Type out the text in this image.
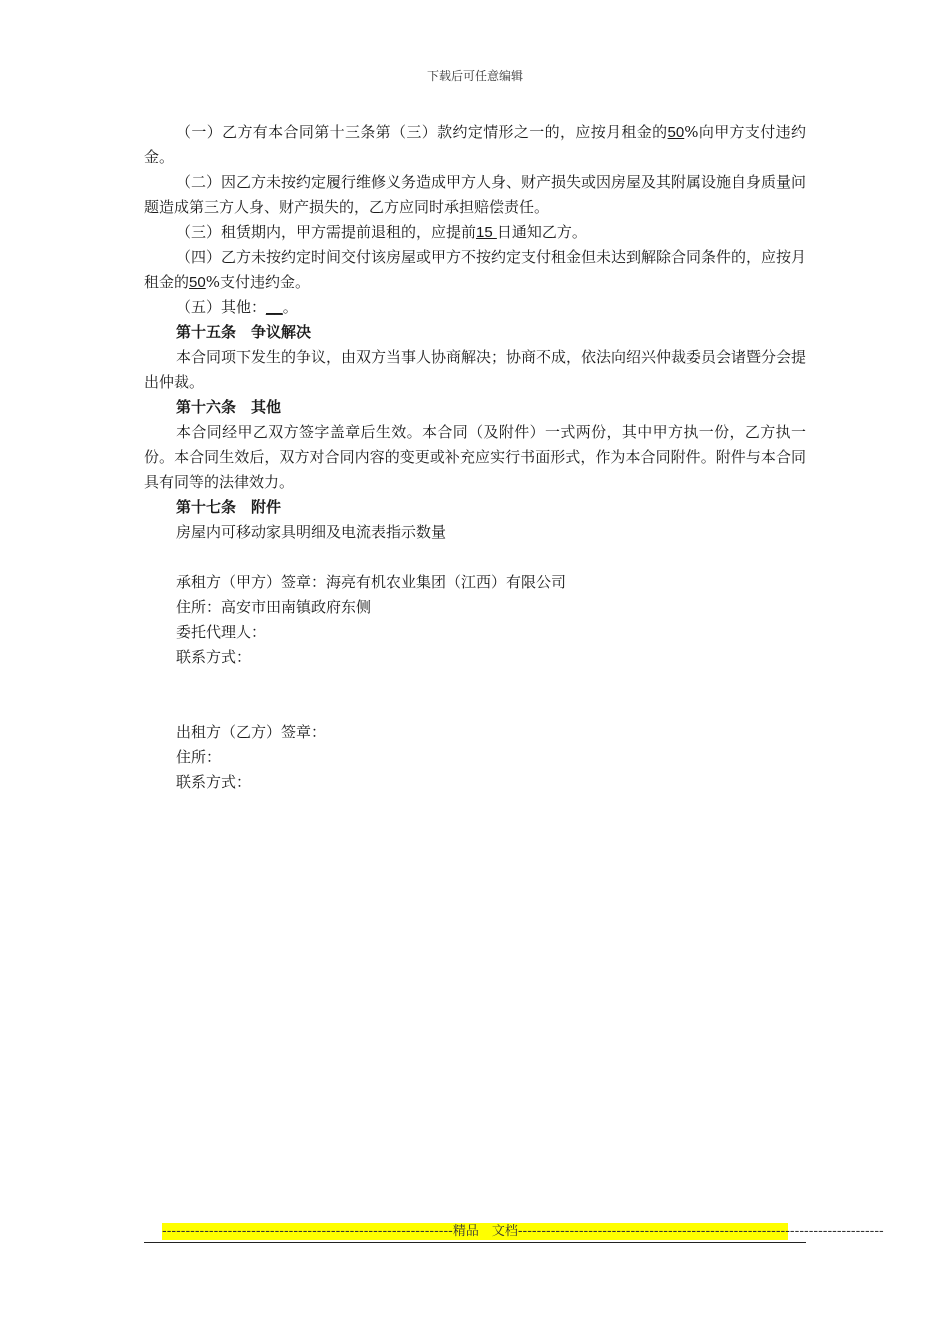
下载后可任意编辑

（一）乙方有本合同第十三条第（三）款约定情形之一的，应按月租金的50%向甲方支付违约金。

（二）因乙方未按约定履行维修义务造成甲方人身、财产损失或因房屋及其附属设施自身质量问题造成第三方人身、财产损失的，乙方应同时承担赔偿责任。

（三）租赁期内，甲方需提前退租的，应提前15 日通知乙方。

（四）乙方未按约定时间交付该房屋或甲方不按约定支付租金但未达到解除合同条件的，应按月租金的50%支付违约金。

（五）其他：__。

第十五条　争议解决

本合同项下发生的争议，由双方当事人协商解决；协商不成，依法向绍兴仲裁委员会诸暨分会提出仲裁。

第十六条　其他

本合同经甲乙双方签字盖章后生效。本合同（及附件）一式两份，其中甲方执一份，乙方执一份。本合同生效后，双方对合同内容的变更或补充应实行书面形式，作为本合同附件。附件与本合同具有同等的法律效力。

第十七条　附件

房屋内可移动家具明细及电流表指示数量

承租方（甲方）签章：海亮有机农业集团（江西）有限公司

住所：高安市田南镇政府东侧

委托代理人：

联系方式：

出租方（乙方）签章：

住所：

联系方式：

--------------------------------------------------------------精品　文档------------------------------------------------------------------------------
